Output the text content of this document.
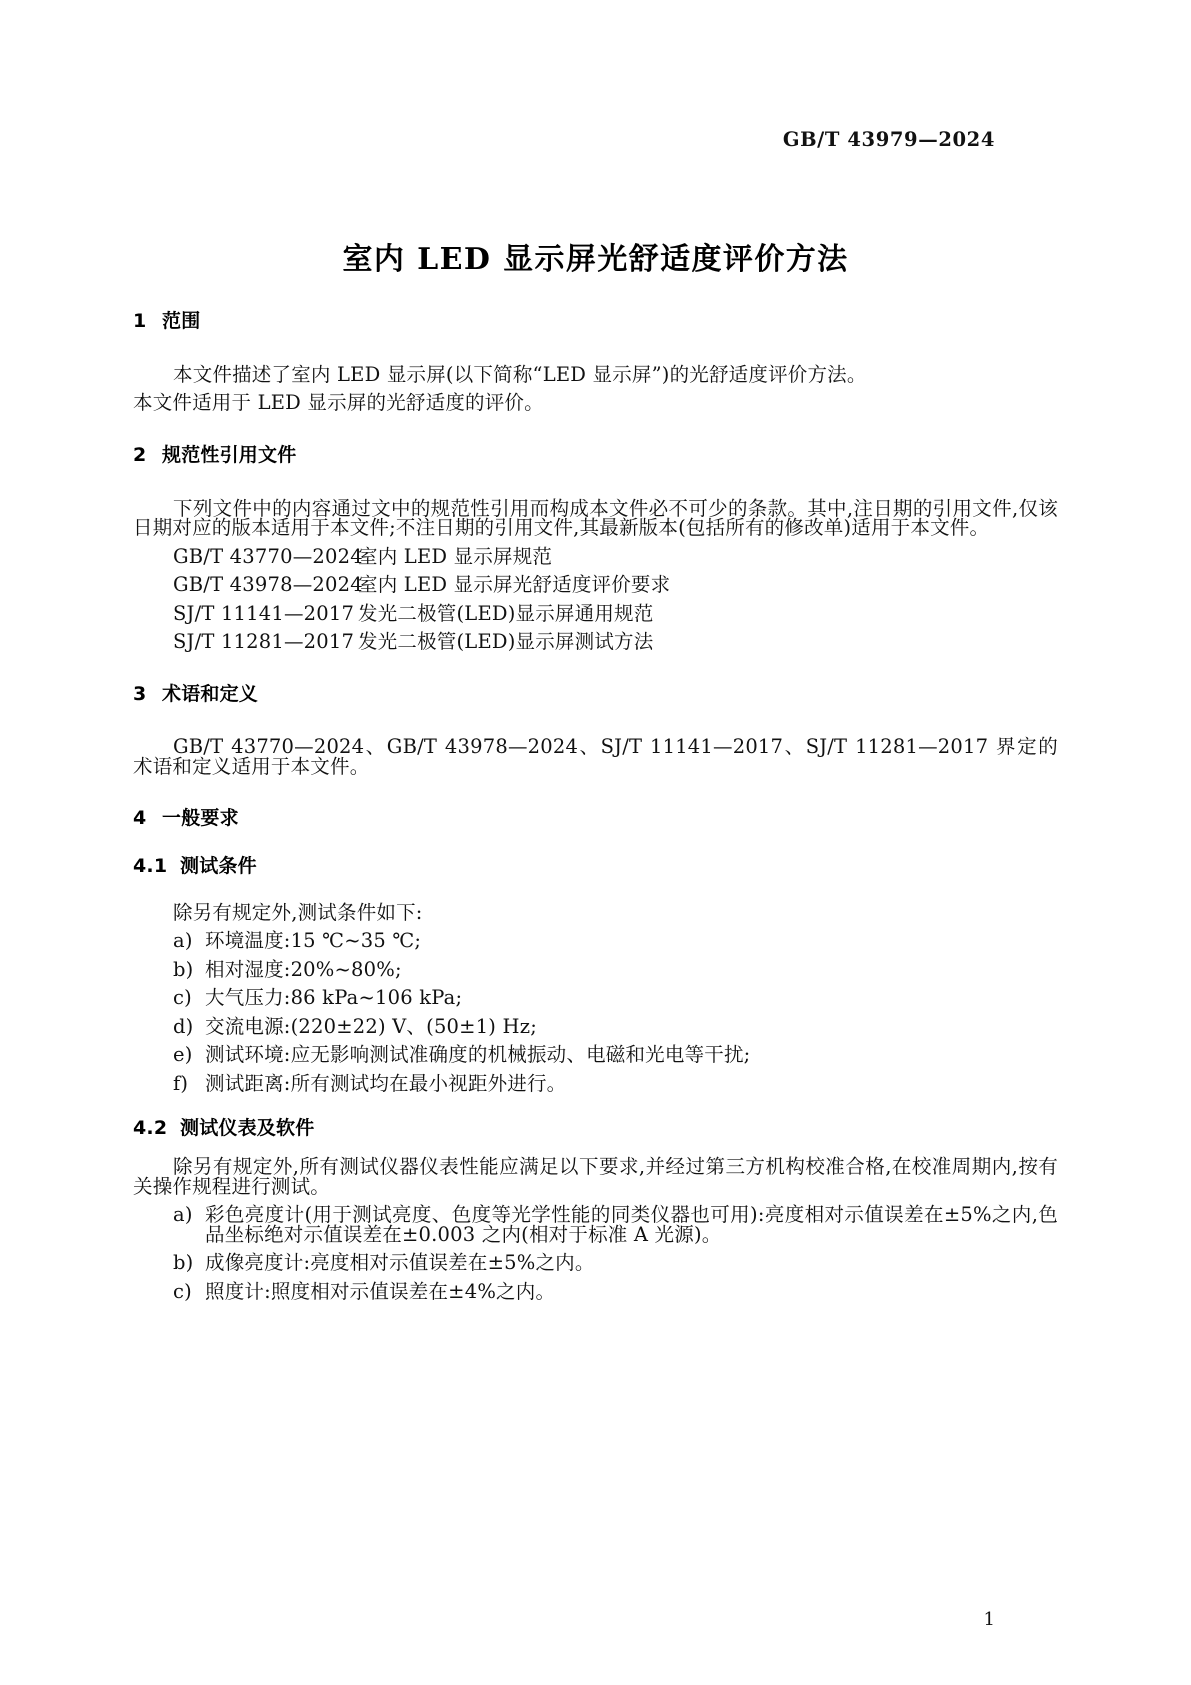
GB/T 43979—2024
室内 LED 显示屏光舒适度评价方法
1 范围

本文件描述了室内 LED 显示屏(以下简称“LED 显示屏”)的光舒适度评价方法。

本文件适用于 LED 显示屏的光舒适度的评价。

2 规范性引用文件

下列文件中的内容通过文中的规范性引用而构成本文件必不可少的条款。其中,注日期的引用文件,仅该日期对应的版本适用于本文件;不注日期的引用文件,其最新版本(包括所有的修改单)适用于本文件。

GB/T 43770—2024室内 LED 显示屏规范
GB/T 43978—2024室内 LED 显示屏光舒适度评价要求
SJ/T 11141—2017 发光二极管(LED)显示屏通用规范
SJ/T 11281—2017 发光二极管(LED)显示屏测试方法
3 术语和定义

GB/T 43770—2024、GB/T 43978—2024、SJ/T 11141—2017、SJ/T 11281—2017 界定的术语和定义适用于本文件。

4 一般要求
4.1 测试条件

除另有规定外,测试条件如下:

a) 环境温度:15 ℃~35 ℃;
b) 相对湿度:20%~80%;
c) 大气压力:86 kPa~106 kPa;
d) 交流电源:(220±22) V、(50±1) Hz;
e) 测试环境:应无影响测试准确度的机械振动、电磁和光电等干扰;
f) 测试距离:所有测试均在最小视距外进行。
4.2 测试仪表及软件

除另有规定外,所有测试仪器仪表性能应满足以下要求,并经过第三方机构校准合格,在校准周期内,按有关操作规程进行测试。

a) 彩色亮度计(用于测试亮度、色度等光学性能的同类仪器也可用):亮度相对示值误差在±5%之内,色品坐标绝对示值误差在±0.003 之内(相对于标准 A 光源)。
b) 成像亮度计:亮度相对示值误差在±5%之内。
c) 照度计:照度相对示值误差在±4%之内。
1
